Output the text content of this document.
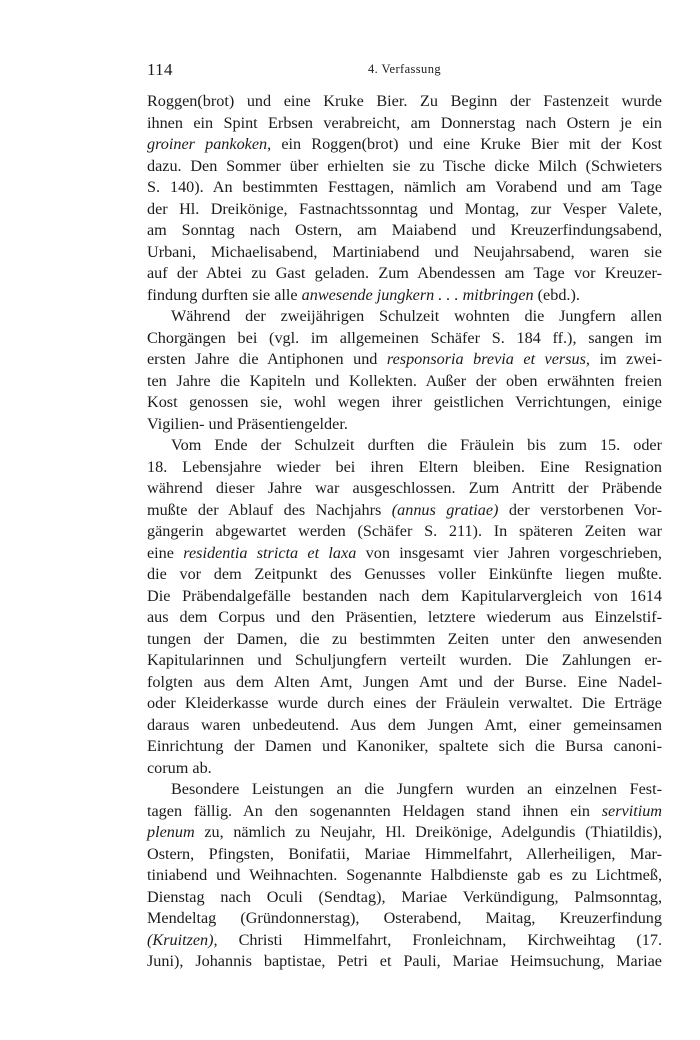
114	4. Verfassung
Roggen(brot) und eine Kruke Bier. Zu Beginn der Fastenzeit wurde
ihnen ein Spint Erbsen verabreicht, am Donnerstag nach Ostern je ein
groiner pankoken, ein Roggen(brot) und eine Kruke Bier mit der Kost
dazu. Den Sommer über erhielten sie zu Tische dicke Milch (Schwieters
S. 140). An bestimmten Festtagen, nämlich am Vorabend und am Tage
der Hl. Dreikönige, Fastnachtssonntag und Montag, zur Vesper Valete,
am Sonntag nach Ostern, am Maiabend und Kreuzerfindungsabend,
Urbani, Michaelisabend, Martiniabend und Neujahrsabend, waren sie
auf der Abtei zu Gast geladen. Zum Abendessen am Tage vor Kreuzer-
findung durften sie alle anwesende jungkern . . . mitbringen (ebd.).
Während der zweijährigen Schulzeit wohnten die Jungfern allen
Chorgängen bei (vgl. im allgemeinen Schäfer S. 184 ff.), sangen im
ersten Jahre die Antiphonen und responsoria brevia et versus, im zwei-
ten Jahre die Kapiteln und Kollekten. Außer der oben erwähnten freien
Kost genossen sie, wohl wegen ihrer geistlichen Verrichtungen, einige
Vigilien- und Präsentiengelder.
Vom Ende der Schulzeit durften die Fräulein bis zum 15. oder
18. Lebensjahre wieder bei ihren Eltern bleiben. Eine Resignation
während dieser Jahre war ausgeschlossen. Zum Antritt der Präbende
mußte der Ablauf des Nachjahrs (annus gratiae) der verstorbenen Vor-
gängerin abgewartet werden (Schäfer S. 211). In späteren Zeiten war
eine residentia stricta et laxa von insgesamt vier Jahren vorgeschrieben,
die vor dem Zeitpunkt des Genusses voller Einkünfte liegen mußte.
Die Präbendalgefälle bestanden nach dem Kapitularvergleich von 1614
aus dem Corpus und den Präsentien, letztere wiederum aus Einzelstif-
tungen der Damen, die zu bestimmten Zeiten unter den anwesenden
Kapitularinnen und Schuljungfern verteilt wurden. Die Zahlungen er-
folgten aus dem Alten Amt, Jungen Amt und der Burse. Eine Nadel-
oder Kleiderkasse wurde durch eines der Fräulein verwaltet. Die Erträge
daraus waren unbedeutend. Aus dem Jungen Amt, einer gemeinsamen
Einrichtung der Damen und Kanoniker, spaltete sich die Bursa canoni-
corum ab.
Besondere Leistungen an die Jungfern wurden an einzelnen Fest-
tagen fällig. An den sogenannten Heldagen stand ihnen ein servitium
plenum zu, nämlich zu Neujahr, Hl. Dreikönige, Adelgundis (Thiatildis),
Ostern, Pfingsten, Bonifatii, Mariae Himmelfahrt, Allerheiligen, Mar-
tiniabend und Weihnachten. Sogenannte Halbdienste gab es zu Lichtmeß,
Dienstag nach Oculi (Sendtag), Mariae Verkündigung, Palmsonntag,
Mendeltag (Gründonnerstag), Osterabend, Maitag, Kreuzerfindung
(Kruitzen), Christi Himmelfahrt, Fronleichnam, Kirchweihtag (17.
Juni), Johannis baptistae, Petri et Pauli, Mariae Heimsuchung, Mariae
